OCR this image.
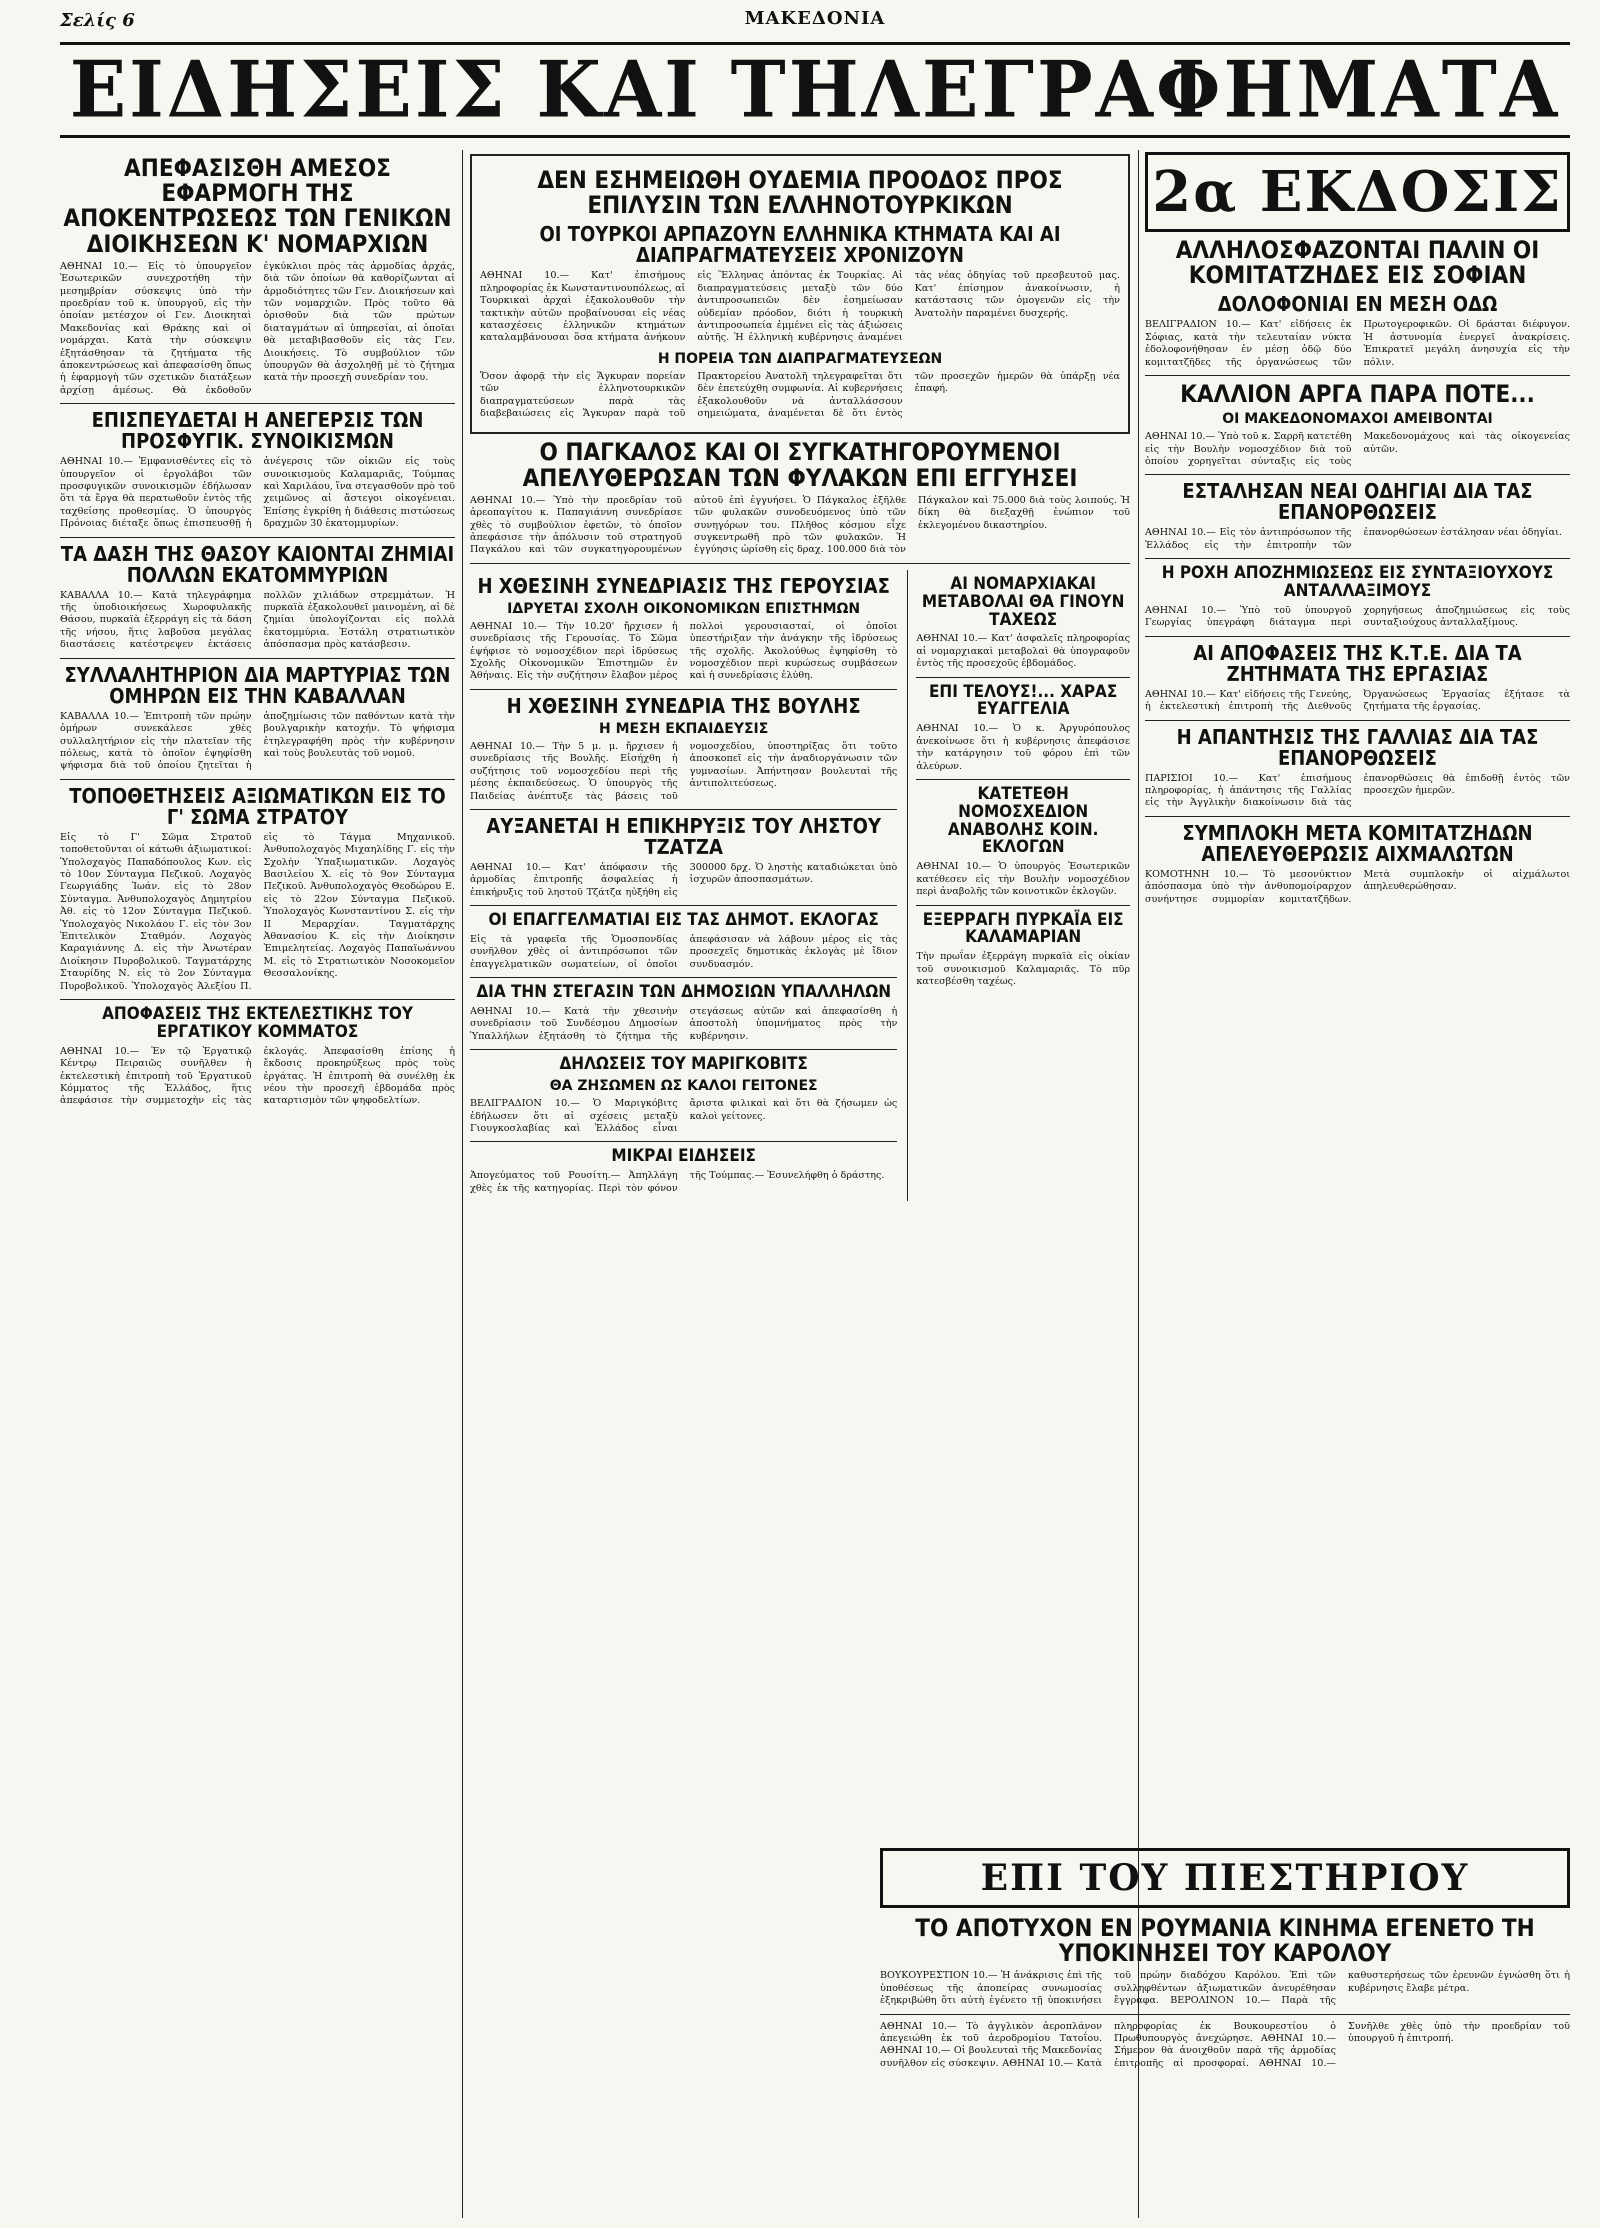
Σελίς 6	ΜΑΚΕΔΟΝΙΑ
ΕΙΔΗΣΕΙΣ ΚΑΙ ΤΗΛΕΓΡΑΦΗΜΑΤΑ
ΑΠΕΦΑΣΙΣΘΗ ΑΜΕΣΟΣ ΕΦΑΡΜΟΓΗ ΤΗΣ ΑΠΟΚΕΝΤΡΩΣΕΩΣ ΤΩΝ ΓΕΝΙΚΩΝ ΔΙΟΙΚΗΣΕΩΝ Κ' ΝΟΜΑΡΧΙΩΝ
ΑΘΗΝΑΙ 10.— Εἰς τὸ ὑπουργεῖον Ἐσωτερικῶν συνεχροτήθη τὴν μεσημβρίαν σύσκεψις ὑπὸ τὴν προεδρίαν τοῦ κ. ὑπουργοῦ, εἰς τὴν ὁποίαν μετέσχον οἱ Γεν. Διοικηταὶ Μακεδονίας καὶ Θράκης καὶ οἱ νομάρχαι. Κατὰ τὴν σύσκεψιν ἐξητάσθησαν τὰ ζητήματα τῆς ἀποκεντρώσεως καὶ ἀπεφασίσθη ὅπως ἡ ἐφαρμογὴ τῶν σχετικῶν διατάξεων ἀρχίσῃ ἀμέσως. Θὰ ἐκδοθοῦν ἐγκύκλιοι πρὸς τὰς ἁρμοδίας ἀρχάς, διὰ τῶν ὁποίων θὰ καθορίζωνται αἱ ἁρμοδιότητες τῶν Γεν. Διοικήσεων καὶ τῶν νομαρχιῶν. Πρὸς τοῦτο θὰ ὁρισθοῦν διὰ τῶν πρώτων διαταγμάτων αἱ ὑπηρεσίαι, αἱ ὁποῖαι θὰ μεταβιβασθοῦν εἰς τὰς Γεν. Διοικήσεις. Τὸ συμβούλιον τῶν ὑπουργῶν θὰ ἀσχοληθῇ μὲ τὸ ζήτημα κατὰ τὴν προσεχῆ συνεδρίαν του.
ΕΠΙΣΠΕΥΔΕΤΑΙ Η ΑΝΕΓΕΡΣΙΣ ΤΩΝ ΠΡΟΣΦΥΓΙΚ. ΣΥΝΟΙΚΙΣΜΩΝ
ΑΘΗΝΑΙ 10.— Ἐμφανισθέντες εἰς τὸ ὑπουργεῖον οἱ ἐργολάβοι τῶν προσφυγικῶν συνοικισμῶν ἐδήλωσαν ὅτι τὰ ἔργα θὰ περατωθοῦν ἐντὸς τῆς ταχθείσης προθεσμίας. Ὁ ὑπουργὸς Πρόνοιας διέταξε ὅπως ἐπισπευσθῇ ἡ ἀνέγερσις τῶν οἰκιῶν εἰς τοὺς συνοικισμοὺς Καλαμαριᾶς, Τούμπας καὶ Χαριλάου, ἵνα στεγασθοῦν πρὸ τοῦ χειμῶνος αἱ ἄστεγοι οἰκογένειαι. Ἐπίσης ἐγκρίθη ἡ διάθεσις πιστώσεως δραχμῶν 30 ἑκατομμυρίων.
ΤΑ ΔΑΣΗ ΤΗΣ ΘΑΣΟΥ ΚΑΙΟΝΤΑΙ ΖΗΜΙΑΙ ΠΟΛΛΩΝ ΕΚΑΤΟΜΜΥΡΙΩΝ
ΚΑΒΑΛΛΑ 10.— Κατὰ τηλεγράφημα τῆς ὑποδιοικήσεως Χωροφυλακῆς Θάσου, πυρκαϊὰ ἐξερράγη εἰς τὰ δάση τῆς νήσου, ἥτις λαβοῦσα μεγάλας διαστάσεις κατέστρεψεν ἐκτάσεις πολλῶν χιλιάδων στρεμμάτων. Ἡ πυρκαϊὰ ἐξακολουθεῖ μαινομένη, αἱ δὲ ζημίαι ὑπολογίζονται εἰς πολλὰ ἑκατομμύρια. Ἐστάλη στρατιωτικὸν ἀπόσπασμα πρὸς κατάσβεσιν.
ΣΥΛΛΑΛΗΤΗΡΙΟΝ ΔΙΑ ΜΑΡΤΥΡΙΑΣ ΤΩΝ ΟΜΗΡΩΝ ΕΙΣ ΤΗΝ ΚΑΒΑΛΛΑΝ
ΚΑΒΑΛΛΑ 10.— Ἐπιτροπὴ τῶν πρώην ὁμήρων συνεκάλεσε χθὲς συλλαλητήριον εἰς τὴν πλατεῖαν τῆς πόλεως, κατὰ τὸ ὁποῖον ἐψηφίσθη ψήφισμα διὰ τοῦ ὁποίου ζητεῖται ἡ ἀποζημίωσις τῶν παθόντων κατὰ τὴν βουλγαρικὴν κατοχήν. Τὸ ψήφισμα ἐτηλεγραφήθη πρὸς τὴν κυβέρνησιν καὶ τοὺς βουλευτὰς τοῦ νομοῦ.
ΤΟΠΟΘΕΤΗΣΕΙΣ ΑΞΙΩΜΑΤΙΚΩΝ ΕΙΣ ΤΟ Γ' ΣΩΜΑ ΣΤΡΑΤΟΥ
Εἰς τὸ Γ' Σῶμα Στρατοῦ τοποθετοῦνται οἱ κάτωθι ἀξιωματικοί: Ὑπολοχαγὸς Παπαδόπουλος Κων. εἰς τὸ 10ον Σύνταγμα Πεζικοῦ. Λοχαγὸς Γεωργιάδης Ἰωάν. εἰς τὸ 28ον Σύνταγμα. Ἀνθυπολοχαγὸς Δημητρίου Ἀθ. εἰς τὸ 12ον Σύνταγμα Πεζικοῦ. Ὑπολοχαγὸς Νικολάου Γ. εἰς τὸν 3ον Ἐπιτελικὸν Σταθμόν. Λοχαγὸς Καραγιάννης Δ. εἰς τὴν Ἀνωτέραν Διοίκησιν Πυροβολικοῦ. Ταγματάρχης Σταυρίδης Ν. εἰς τὸ 2ον Σύνταγμα Πυροβολικοῦ. Ὑπολοχαγὸς Ἀλεξίου Π. εἰς τὸ Τάγμα Μηχανικοῦ. Ἀνθυπολοχαγὸς Μιχαηλίδης Γ. εἰς τὴν Σχολὴν Ὑπαξιωματικῶν. Λοχαγὸς Βασιλείου Χ. εἰς τὸ 9ον Σύνταγμα Πεζικοῦ. Ἀνθυπολοχαγὸς Θεοδώρου Ε. εἰς τὸ 22ον Σύνταγμα Πεζικοῦ. Ὑπολοχαγὸς Κωνσταντίνου Σ. εἰς τὴν ΙΙ Μεραρχίαν. Ταγματάρχης Ἀθανασίου Κ. εἰς τὴν Διοίκησιν Ἐπιμελητείας. Λοχαγὸς Παπαϊωάννου Μ. εἰς τὸ Στρατιωτικὸν Νοσοκομεῖον Θεσσαλονίκης.
ΑΠΟΦΑΣΕΙΣ ΤΗΣ ΕΚΤΕΛΕΣΤΙΚΗΣ ΤΟΥ ΕΡΓΑΤΙΚΟΥ ΚΟΜΜΑΤΟΣ
ΑΘΗΝΑΙ 10.— Ἐν τῷ Ἐργατικῷ Κέντρῳ Πειραιῶς συνῆλθεν ἡ ἐκτελεστικὴ ἐπιτροπὴ τοῦ Ἐργατικοῦ Κόμματος τῆς Ἑλλάδος, ἥτις ἀπεφάσισε τὴν συμμετοχὴν εἰς τὰς ἐκλογάς. Ἀπεφασίσθη ἐπίσης ἡ ἔκδοσις προκηρύξεως πρὸς τοὺς ἐργάτας. Ἡ ἐπιτροπὴ θὰ συνέλθῃ ἐκ νέου τὴν προσεχῆ ἑβδομάδα πρὸς καταρτισμὸν τῶν ψηφοδελτίων.
ΔΕΝ ΕΣΗΜΕΙΩΘΗ ΟΥΔΕΜΙΑ ΠΡΟΟΔΟΣ ΠΡΟΣ ΕΠΙΛΥΣΙΝ ΤΩΝ ΕΛΛΗΝΟΤΟΥΡΚΙΚΩΝ
ΟΙ ΤΟΥΡΚΟΙ ΑΡΠΑΖΟΥΝ ΕΛΛΗΝΙΚΑ ΚΤΗΜΑΤΑ ΚΑΙ ΑΙ ΔΙΑΠΡΑΓΜΑΤΕΥΣΕΙΣ ΧΡΟΝΙΖΟΥΝ
ΑΘΗΝΑΙ 10.— Κατ' ἐπισήμους πληροφορίας ἐκ Κωνσταντινουπόλεως, αἱ Τουρκικαὶ ἀρχαὶ ἐξακολουθοῦν τὴν τακτικὴν αὐτῶν προβαίνουσαι εἰς νέας κατασχέσεις ἑλληνικῶν κτημάτων καταλαμβάνουσαι ὅσα κτήματα ἀνήκουν εἰς Ἕλληνας ἀπόντας ἐκ Τουρκίας. Αἱ διαπραγματεύσεις μεταξὺ τῶν δύο ἀντιπροσωπειῶν δὲν ἐσημείωσαν οὐδεμίαν πρόοδον, διότι ἡ τουρκικὴ ἀντιπροσωπεία ἐμμένει εἰς τὰς ἀξιώσεις αὐτῆς. Ἡ ἑλληνικὴ κυβέρνησις ἀναμένει τὰς νέας ὁδηγίας τοῦ πρεσβευτοῦ μας. Κατ' ἐπίσημον ἀνακοίνωσιν, ἡ κατάστασις τῶν ὁμογενῶν εἰς τὴν Ἀνατολὴν παραμένει δυσχερής.
Η ΠΟΡΕΙΑ ΤΩΝ ΔΙΑΠΡΑΓΜΑΤΕΥΣΕΩΝ
Ὅσον ἀφορᾷ τὴν εἰς Ἄγκυραν πορείαν τῶν ἑλληνοτουρκικῶν διαπραγματεύσεων παρὰ τὰς διαβεβαιώσεις εἰς Ἄγκυραν παρὰ τοῦ Πρακτορείου Ἀνατολῆ τηλεγραφεῖται ὅτι δὲν ἐπετεύχθη συμφωνία. Αἱ κυβερνήσεις ἐξακολουθοῦν νὰ ἀνταλλάσσουν σημειώματα, ἀναμένεται δὲ ὅτι ἐντὸς τῶν προσεχῶν ἡμερῶν θὰ ὑπάρξῃ νέα ἐπαφή.
Ο ΠΑΓΚΑΛΟΣ ΚΑΙ ΟΙ ΣΥΓΚΑΤΗΓΟΡΟΥΜΕΝΟΙ ΑΠΕΛΥΘΕΡΩΣΑΝ ΤΩΝ ΦΥΛΑΚΩΝ ΕΠΙ ΕΓΓΥΗΣΕΙ
ΑΘΗΝΑΙ 10.— Ὑπὸ τὴν προεδρίαν τοῦ ἀρεοπαγίτου κ. Παπαγιάννη συνεδρίασε χθὲς τὸ συμβούλιον ἐφετῶν, τὸ ὁποῖον ἀπεφάσισε τὴν ἀπόλυσιν τοῦ στρατηγοῦ Παγκάλου καὶ τῶν συγκατηγορουμένων αὐτοῦ ἐπὶ ἐγγυήσει. Ὁ Πάγκαλος ἐξῆλθε τῶν φυλακῶν συνοδευόμενος ὑπὸ τῶν συνηγόρων του. Πλῆθος κόσμου εἶχε συγκεντρωθῆ πρὸ τῶν φυλακῶν. Ἡ ἐγγύησις ὡρίσθη εἰς δραχ. 100.000 διὰ τὸν Πάγκαλον καὶ 75.000 διὰ τοὺς λοιπούς. Ἡ δίκη θὰ διεξαχθῇ ἐνώπιον τοῦ ἐκλεγομένου δικαστηρίου.
Η ΧΘΕΣΙΝΗ ΣΥΝΕΔΡΙΑΣΙΣ ΤΗΣ ΓΕΡΟΥΣΙΑΣ
ΙΔΡΥΕΤΑΙ ΣΧΟΛΗ ΟΙΚΟΝΟΜΙΚΩΝ ΕΠΙΣΤΗΜΩΝ
ΑΘΗΝΑΙ 10.— Τὴν 10.20' ἤρχισεν ἡ συνεδρίασις τῆς Γερουσίας. Τὸ Σῶμα ἐψήφισε τὸ νομοσχέδιον περὶ ἱδρύσεως Σχολῆς Οἰκονομικῶν Ἐπιστημῶν ἐν Ἀθήναις. Εἰς τὴν συζήτησιν ἔλαβον μέρος πολλοὶ γερουσιασταί, οἱ ὁποῖοι ὑπεστήριξαν τὴν ἀνάγκην τῆς ἱδρύσεως τῆς σχολῆς. Ἀκολούθως ἐψηφίσθη τὸ νομοσχέδιον περὶ κυρώσεως συμβάσεων καὶ ἡ συνεδρίασις ἐλύθη.
Η ΧΘΕΣΙΝΗ ΣΥΝΕΔΡΙΑ ΤΗΣ ΒΟΥΛΗΣ
Η ΜΕΣΗ ΕΚΠΑΙΔΕΥΣΙΣ
ΑΘΗΝΑΙ 10.— Τὴν 5 μ. μ. ἤρχισεν ἡ συνεδρίασις τῆς Βουλῆς. Εἰσήχθη ἡ συζήτησις τοῦ νομοσχεδίου περὶ τῆς μέσης ἐκπαιδεύσεως. Ὁ ὑπουργὸς τῆς Παιδείας ἀνέπτυξε τὰς βάσεις τοῦ νομοσχεδίου, ὑποστηρίξας ὅτι τοῦτο ἀποσκοπεῖ εἰς τὴν ἀναδιοργάνωσιν τῶν γυμνασίων. Ἀπήντησαν βουλευταὶ τῆς ἀντιπολιτεύσεως.
ΑΥΞΑΝΕΤΑΙ Η ΕΠΙΚΗΡΥΞΙΣ ΤΟΥ ΛΗΣΤΟΥ ΤΖΑΤΖΑ
ΑΘΗΝΑΙ 10.— Κατ' ἀπόφασιν τῆς ἁρμοδίας ἐπιτροπῆς ἀσφαλείας ἡ ἐπικήρυξις τοῦ ληστοῦ Τζάτζα ηὐξήθη εἰς 300000 δρχ. Ὁ ληστὴς καταδιώκεται ὑπὸ ἰσχυρῶν ἀποσπασμάτων.
ΟΙ ΕΠΑΓΓΕΛΜΑΤΙΑΙ ΕΙΣ ΤΑΣ ΔΗΜΟΤ. ΕΚΛΟΓΑΣ
Εἰς τὰ γραφεῖα τῆς Ὁμοσπονδίας συνῆλθον χθὲς οἱ ἀντιπρόσωποι τῶν ἐπαγγελματικῶν σωματείων, οἱ ὁποῖοι ἀπεφάσισαν νὰ λάβουν μέρος εἰς τὰς προσεχεῖς δημοτικὰς ἐκλογὰς μὲ ἴδιον συνδυασμόν.
ΔΙΑ ΤΗΝ ΣΤΕΓΑΣΙΝ ΤΩΝ ΔΗΜΟΣΙΩΝ ΥΠΑΛΛΗΛΩΝ
ΑΘΗΝΑΙ 10.— Κατὰ τὴν χθεσινὴν συνεδρίασιν τοῦ Συνδέσμου Δημοσίων Ὑπαλλήλων ἐξητάσθη τὸ ζήτημα τῆς στεγάσεως αὐτῶν καὶ ἀπεφασίσθη ἡ ἀποστολὴ ὑπομνήματος πρὸς τὴν κυβέρνησιν.
ΔΗΛΩΣΕΙΣ ΤΟΥ ΜΑΡΙΓΚΟΒΙΤΣ
ΘΑ ΖΗΣΩΜΕΝ ΩΣ ΚΑΛΟΙ ΓΕΙΤΟΝΕΣ
ΒΕΛΙΓΡΑΔΙΟΝ 10.— Ὁ Μαριγκόβιτς ἐδήλωσεν ὅτι αἱ σχέσεις μεταξὺ Γιουγκοσλαβίας καὶ Ἑλλάδος εἶναι ἄριστα φιλικαὶ καὶ ὅτι θὰ ζήσωμεν ὡς καλοὶ γείτονες.
ΜΙΚΡΑΙ ΕΙΔΗΣΕΙΣ
Ἀπογεύματος τοῦ Ρουσίτη.— Ἀπηλλάγη χθὲς ἐκ τῆς κατηγορίας. Περὶ τὸν φόνον τῆς Τούμπας.— Ἐσυνελήφθη ὁ δράστης.
ΑΙ ΝΟΜΑΡΧΙΑΚΑΙ ΜΕΤΑΒΟΛΑΙ ΘΑ ΓΙΝΟΥΝ ΤΑΧΕΩΣ
ΑΘΗΝΑΙ 10.— Κατ' ἀσφαλεῖς πληροφορίας αἱ νομαρχιακαὶ μεταβολαὶ θὰ ὑπογραφοῦν ἐντὸς τῆς προσεχοῦς ἑβδομάδος.
ΕΠΙ ΤΕΛΟΥΣ!... ΧΑΡΑΣ ΕΥΑΓΓΕΛΙΑ
ΑΘΗΝΑΙ 10.— Ὁ κ. Ἀργυρόπουλος ἀνεκοίνωσε ὅτι ἡ κυβέρνησις ἀπεφάσισε τὴν κατάργησιν τοῦ φόρου ἐπὶ τῶν ἀλεύρων.
ΚΑΤΕΤΕΘΗ ΝΟΜΟΣΧΕΔΙΟΝ ΑΝΑΒΟΛΗΣ ΚΟΙΝ. ΕΚΛΟΓΩΝ
ΑΘΗΝΑΙ 10.— Ὁ ὑπουργὸς Ἐσωτερικῶν κατέθεσεν εἰς τὴν Βουλὴν νομοσχέδιον περὶ ἀναβολῆς τῶν κοινοτικῶν ἐκλογῶν.
ΕΞΕΡΡΑΓΗ ΠΥΡΚΑΪΑ ΕΙΣ ΚΑΛΑΜΑΡΙΑΝ
Τὴν πρωΐαν ἐξερράγη πυρκαϊὰ εἰς οἰκίαν τοῦ συνοικισμοῦ Καλαμαριᾶς. Τὸ πῦρ κατεσβέσθη ταχέως.
2α ΕΚΔΟΣΙΣ
ΑΛΛΗΛΟΣΦΑΖΟΝΤΑΙ ΠΑΛΙΝ ΟΙ ΚΟΜΙΤΑΤΖΗΔΕΣ ΕΙΣ ΣΟΦΙΑΝ
ΔΟΛΟΦΟΝΙΑΙ ΕΝ ΜΕΣΗ ΟΔΩ
ΒΕΛΙΓΡΑΔΙΟΝ 10.— Κατ' εἰδήσεις ἐκ Σόφιας, κατὰ τὴν τελευταίαν νύκτα ἐδολοφονήθησαν ἐν μέσῃ ὁδῷ δύο κομιτατζῆδες τῆς ὀργανώσεως τῶν Πρωτογεροφικῶν. Οἱ δράσται διέφυγον. Ἡ ἀστυνομία ἐνεργεῖ ἀνακρίσεις. Ἐπικρατεῖ μεγάλη ἀνησυχία εἰς τὴν πόλιν.
ΚΑΛΛΙΟΝ ΑΡΓΑ ΠΑΡΑ ΠΟΤΕ...
ΟΙ ΜΑΚΕΔΟΝΟΜΑΧΟΙ ΑΜΕΙΒΟΝΤΑΙ
ΑΘΗΝΑΙ 10.— Ὑπὸ τοῦ κ. Σαρρῆ κατετέθη εἰς τὴν Βουλὴν νομοσχέδιον διὰ τοῦ ὁποίου χορηγεῖται σύνταξις εἰς τοὺς Μακεδονομάχους καὶ τὰς οἰκογενείας αὐτῶν.
ΕΣΤΑΛΗΣΑΝ ΝΕΑΙ ΟΔΗΓΙΑΙ ΔΙΑ ΤΑΣ ΕΠΑΝΟΡΘΩΣΕΙΣ
ΑΘΗΝΑΙ 10.— Εἰς τὸν ἀντιπρόσωπον τῆς Ἑλλάδος εἰς τὴν ἐπιτροπὴν τῶν ἐπανορθώσεων ἐστάλησαν νέαι ὁδηγίαι.
Η ΡΟΧΗ ΑΠΟΖΗΜΙΩΣΕΩΣ ΕΙΣ ΣΥΝΤΑΞΙΟΥΧΟΥΣ ΑΝΤΑΛΛΑΞΙΜΟΥΣ
ΑΘΗΝΑΙ 10.— Ὑπὸ τοῦ ὑπουργοῦ Γεωργίας ὑπεγράφη διάταγμα περὶ χορηγήσεως ἀποζημιώσεως εἰς τοὺς συνταξιούχους ἀνταλλαξίμους.
ΑΙ ΑΠΟΦΑΣΕΙΣ ΤΗΣ Κ.Τ.Ε. ΔΙΑ ΤΑ ΖΗΤΗΜΑΤΑ ΤΗΣ ΕΡΓΑΣΙΑΣ
ΑΘΗΝΑΙ 10.— Κατ' εἰδήσεις τῆς Γενεύης, ἡ ἐκτελεστικὴ ἐπιτροπὴ τῆς Διεθνοῦς Ὀργανώσεως Ἐργασίας ἐξήτασε τὰ ζητήματα τῆς ἐργασίας.
Η ΑΠΑΝΤΗΣΙΣ ΤΗΣ ΓΑΛΛΙΑΣ ΔΙΑ ΤΑΣ ΕΠΑΝΟΡΘΩΣΕΙΣ
ΠΑΡΙΣΙΟΙ 10.— Κατ' ἐπισήμους πληροφορίας, ἡ ἀπάντησις τῆς Γαλλίας εἰς τὴν Ἀγγλικὴν διακοίνωσιν διὰ τὰς ἐπανορθώσεις θὰ ἐπιδοθῇ ἐντὸς τῶν προσεχῶν ἡμερῶν.
ΣΥΜΠΛΟΚΗ ΜΕΤΑ ΚΟΜΙΤΑΤΖΗΔΩΝ ΑΠΕΛΕΥΘΕΡΩΣΙΣ ΑΙΧΜΑΛΩΤΩΝ
ΚΟΜΟΤΗΝΗ 10.— Τὸ μεσονύκτιον ἀπόσπασμα ὑπὸ τὴν ἀνθυπομοίραρχον συνήντησε συμμορίαν κομιτατζῆδων. Μετὰ συμπλοκὴν οἱ αἰχμάλωτοι ἀπηλευθερώθησαν.
ΕΠΙ ΤΟΥ ΠΙΕΣΤΗΡΙΟΥ
ΤΟ ΑΠΟΤΥΧΟΝ ΕΝ ΡΟΥΜΑΝΙΑ ΚΙΝΗΜΑ ΕΓΕΝΕΤΟ ΤΗ ΥΠΟΚΙΝΗΣΕΙ ΤΟΥ ΚΑΡΟΛΟΥ
ΒΟΥΚΟΥΡΕΣΤΙΟΝ 10.— Ἡ ἀνάκρισις ἐπὶ τῆς ὑποθέσεως τῆς ἀποπείρας συνωμοσίας ἐξηκριβώθη ὅτι αὐτὴ ἐγένετο τῇ ὑποκινήσει τοῦ πρώην διαδόχου Καρόλου. Ἐπὶ τῶν συλληφθέντων ἀξιωματικῶν ἀνευρέθησαν ἔγγραφα. ΒΕΡΟΛΙΝΟΝ 10.— Παρὰ τῆς καθυστερήσεως τῶν ἐρευνῶν ἐγνώσθη ὅτι ἡ κυβέρνησις ἔλαβε μέτρα.
ΑΘΗΝΑΙ 10.— Τὸ ἀγγλικὸν ἀεροπλάνον ἀπεγειώθη ἐκ τοῦ ἀεροδρομίου Τατοΐου. ΑΘΗΝΑΙ 10.— Οἱ βουλευταὶ τῆς Μακεδονίας συνῆλθον εἰς σύσκεψιν. ΑΘΗΝΑΙ 10.— Κατὰ πληροφορίας ἐκ Βουκουρεστίου ὁ Πρωθυπουργὸς ἀνεχώρησε. ΑΘΗΝΑΙ 10.— Σήμερον θὰ ἀνοιχθοῦν παρὰ τῆς ἁρμοδίας ἐπιτροπῆς αἱ προσφοραί. ΑΘΗΝΑΙ 10.— Συνῆλθε χθὲς ὑπὸ τὴν προεδρίαν τοῦ ὑπουργοῦ ἡ ἐπιτροπή.
